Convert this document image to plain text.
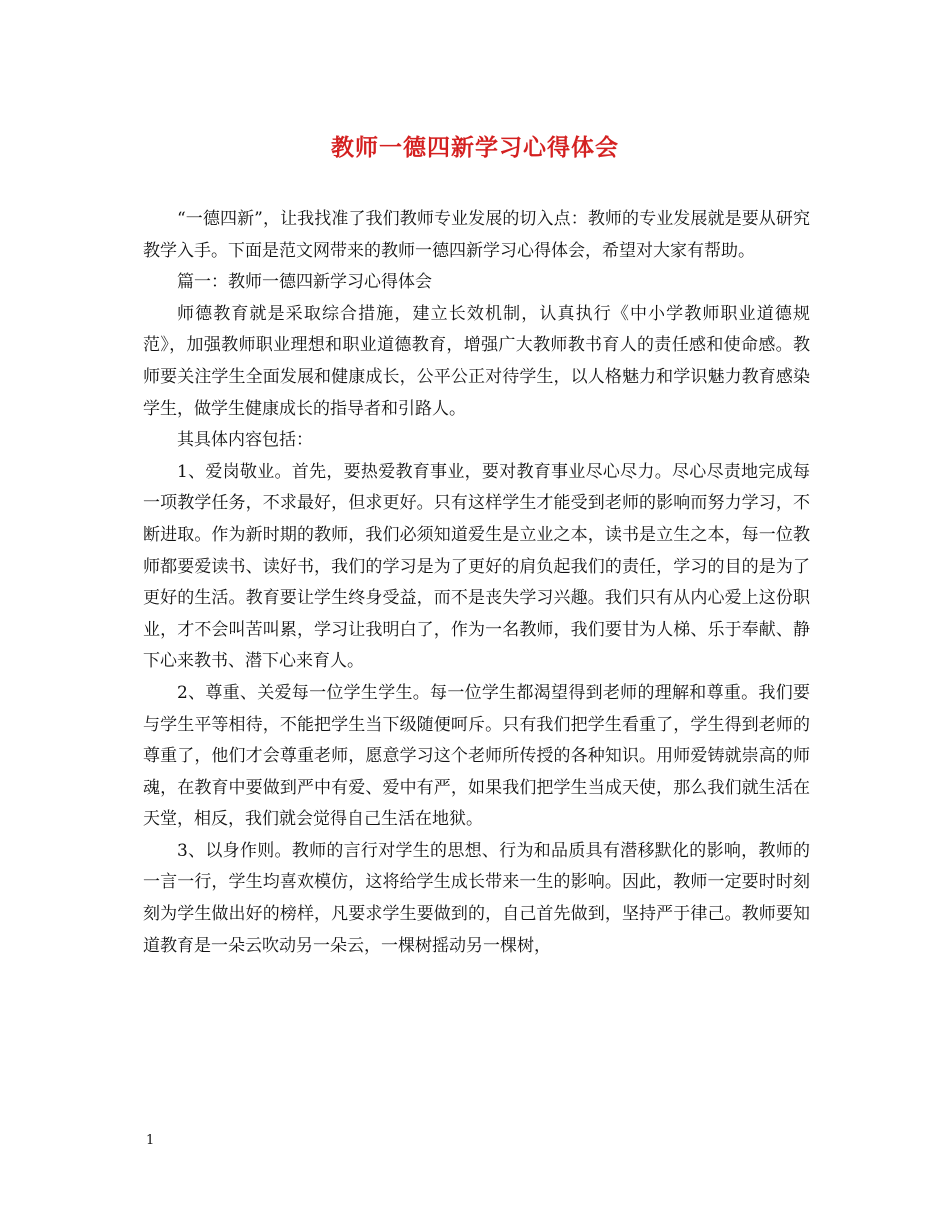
教师一德四新学习心得体会

“一德四新”，让我找准了我们教师专业发展的切入点：教师的专业发展就是要从研究教学入手。下面是范文网带来的教师一德四新学习心得体会，希望对大家有帮助。

篇一：教师一德四新学习心得体会

师德教育就是采取综合措施，建立长效机制，认真执行《中小学教师职业道德规范》，加强教师职业理想和职业道德教育，增强广大教师教书育人的责任感和使命感。教师要关注学生全面发展和健康成长，公平公正对待学生，以人格魅力和学识魅力教育感染学生，做学生健康成长的指导者和引路人。

其具体内容包括：

1、爱岗敬业。首先，要热爱教育事业，要对教育事业尽心尽力。尽心尽责地完成每一项教学任务，不求最好，但求更好。只有这样学生才能受到老师的影响而努力学习，不断进取。作为新时期的教师，我们必须知道爱生是立业之本，读书是立生之本，每一位教师都要爱读书、读好书，我们的学习是为了更好的肩负起我们的责任，学习的目的是为了更好的生活。教育要让学生终身受益，而不是丧失学习兴趣。我们只有从内心爱上这份职业，才不会叫苦叫累，学习让我明白了，作为一名教师，我们要甘为人梯、乐于奉献、静下心来教书、潜下心来育人。

2、尊重、关爱每一位学生学生。每一位学生都渴望得到老师的理解和尊重。我们要与学生平等相待，不能把学生当下级随便呵斥。只有我们把学生看重了，学生得到老师的尊重了，他们才会尊重老师，愿意学习这个老师所传授的各种知识。用师爱铸就崇高的师魂，在教育中要做到严中有爱、爱中有严，如果我们把学生当成天使，那么我们就生活在天堂，相反，我们就会觉得自己生活在地狱。

3、以身作则。教师的言行对学生的思想、行为和品质具有潜移默化的影响，教师的一言一行，学生均喜欢模仿，这将给学生成长带来一生的影响。因此，教师一定要时时刻刻为学生做出好的榜样，凡要求学生要做到的，自己首先做到，坚持严于律己。教师要知道教育是一朵云吹动另一朵云，一棵树摇动另一棵树，

1
